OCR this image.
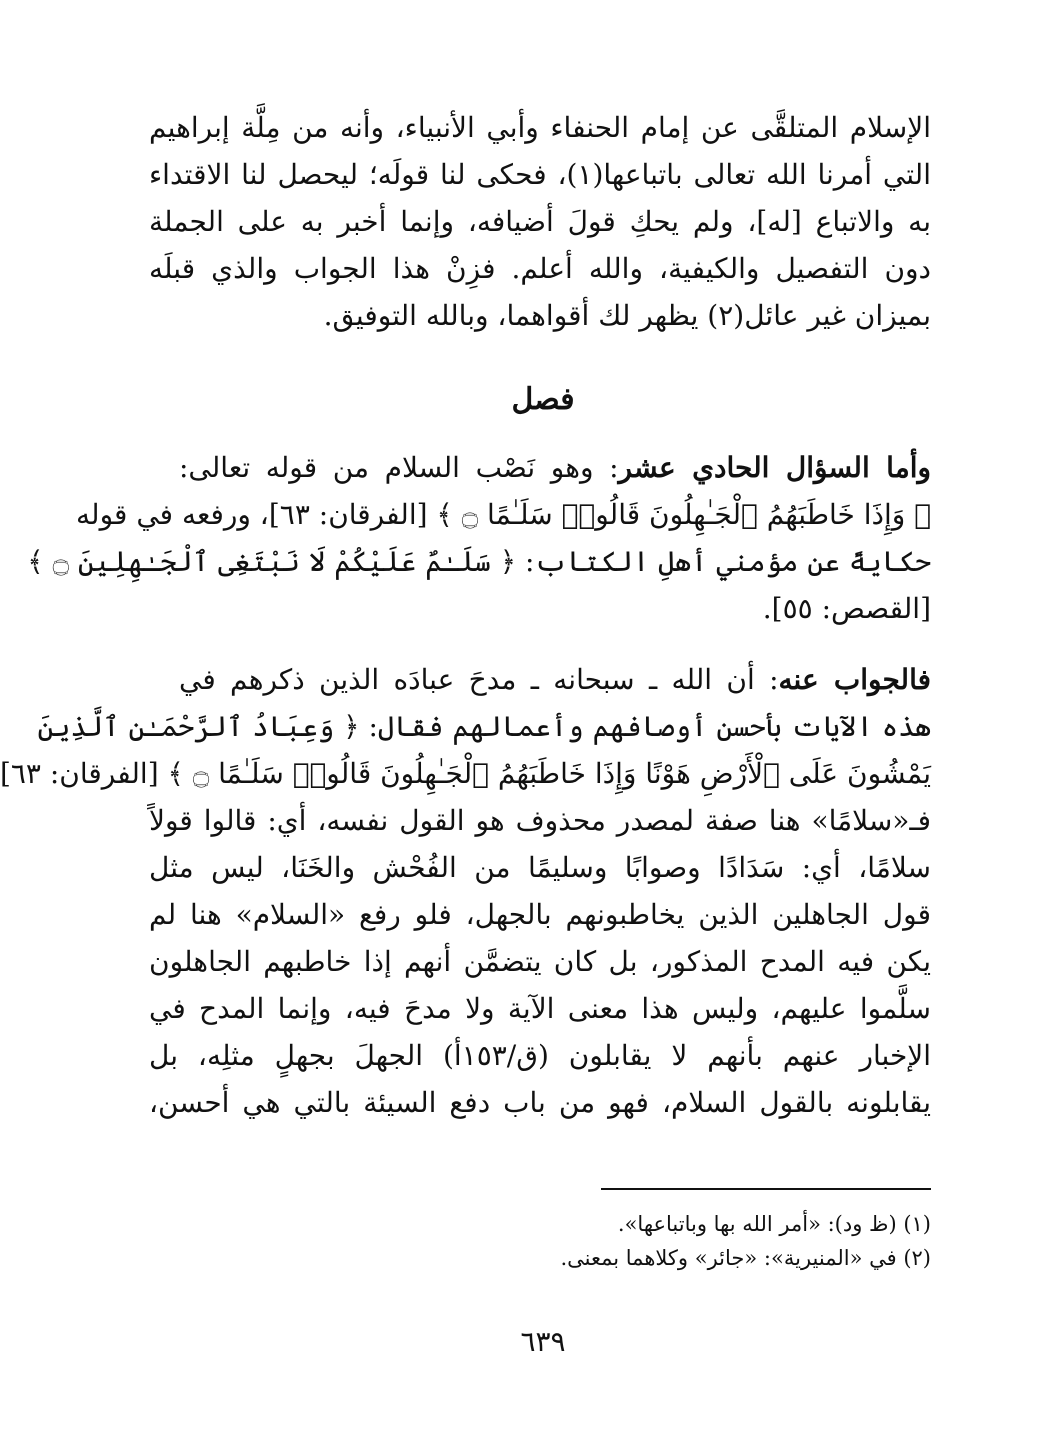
الإسلام المتلقَّى عن إمام الحنفاء وأبي الأنبياء، وأنه من مِلَّة إبراهيم
التي أمرنا الله تعالى باتباعها(١)، فحكى لنا قولَه؛ ليحصل لنا الاقتداء
به والاتباع [له]، ولم يحكِ قولَ أضيافه، وإنما أخبر به على الجملة
دون التفصيل والكيفية، والله أعلم. فزِنْ هذا الجواب والذي قبلَه
بميزان غير عائل(٢) يظهر لك أقواهما، وبالله التوفيق.
فصل
وأما السؤال الحادي عشر: وهو نَصْب السلام من قوله تعالى:
﴿ وَإِذَا خَاطَبَهُمُ ٱلْجَـٰهِلُونَ قَالُوا۟ سَلَـٰمًا ۝ ﴾ [الفرقان: ٦٣]، ورفعه في قوله
حكايةً عن مؤمني أهلِ الكتاب: ﴿ سَلَـٰمٌ عَلَيْكُمْ لَا نَبْتَغِى ٱلْجَـٰهِلِينَ ۝ ﴾
[القصص: ٥٥].
فالجواب عنه: أن الله ـ سبحانه ـ مدحَ عبادَه الذين ذكرهم في
هذه الآيات بأحسن أوصافهم وأعمالهم فقال: ﴿ وَعِبَادُ ٱلرَّحْمَـٰنِ ٱلَّذِينَ
يَمْشُونَ عَلَى ٱلْأَرْضِ هَوْنًا وَإِذَا خَاطَبَهُمُ ٱلْجَـٰهِلُونَ قَالُوا۟ سَلَـٰمًا ۝ ﴾ [الفرقان: ٦٣]
فـ«سلامًا» هنا صفة لمصدر محذوف هو القول نفسه، أي: قالوا قولاً
سلامًا، أي: سَدَادًا وصوابًا وسليمًا من الفُحْش والخَنَا، ليس مثل
قول الجاهلين الذين يخاطبونهم بالجهل، فلو رفع «السلام» هنا لم
يكن فيه المدح المذكور، بل كان يتضمَّن أنهم إذا خاطبهم الجاهلون
سلَّموا عليهم، وليس هذا معنى الآية ولا مدحَ فيه، وإنما المدح في
الإخبار عنهم بأنهم لا يقابلون (ق/١٥٣أ) الجهلَ بجهلٍ مثلِه، بل
يقابلونه بالقول السلام، فهو من باب دفع السيئة بالتي هي أحسن،
(١) (ظ ود): «أمر الله بها وباتباعها».
(٢) في «المنيرية»: «جائر» وكلاهما بمعنى.
٦٣٩
